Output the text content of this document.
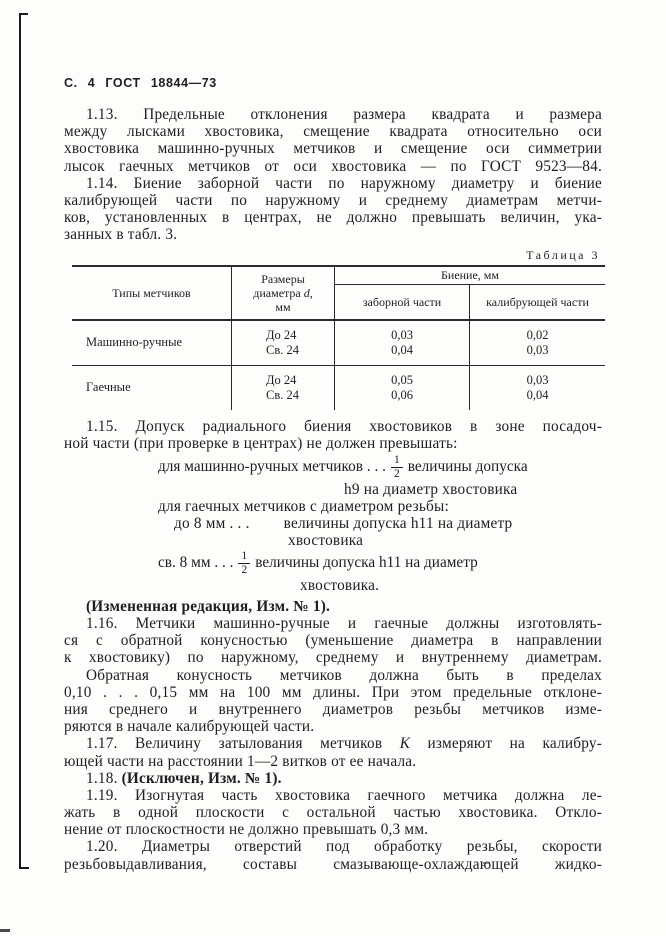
С. 4 ГОСТ 18844—73
1.13. Предельные отклонения размера квадрата и размера
между лысками хвостовика, смещение квадрата относительно оси
хвостовика машинно-ручных метчиков и смещение оси симметрии
лысок гаечных метчиков от оси хвостовика — по ГОСТ 9523—84.
1.14. Биение заборной части по наружному диаметру и биение
калибрующей части по наружному и среднему диаметрам метчи-
ков, установленных в центрах, не должно превышать величин, ука-
занных в табл. 3.
Таблица 3
Типы метчиков
Размеры
диаметра d,
мм
Биение, мм
заборной части	калибрующей части
Машинно-ручные
До 24
Св. 24
0,03
0,04
0,02
0,03
Гаечные
До 24
Св. 24
0,05
0,06
0,03
0,04
1.15. Допуск радиального биения хвостовиков в зоне посадоч-
ной части (при проверке в центрах) не должен превышать:
для машинно-ручных метчиков . . . $\frac{1}{2}$ величины допуска
h9 на диаметр хвостовика
для гаечных метчиков с диаметром резьбы:
до 8 мм . . . величины допуска h11 на диаметр
хвостовика
св. 8 мм . . . $\frac{1}{2}$ величины допуска h11 на диаметр
хвостовика.
(Измененная редакция, Изм. № 1).
1.16. Метчики машинно-ручные и гаечные должны изготовлять-
ся с обратной конусностью (уменьшение диаметра в направлении
к хвостовику) по наружному, среднему и внутреннему диаметрам.
Обратная конусность метчиков должна быть в пределах
0,10 . . . 0,15 мм на 100 мм длины. При этом предельные отклоне-
ния среднего и внутреннего диаметров резьбы метчиков изме-
ряются в начале калибрующей части.
1.17. Величину затылования метчиков К измеряют на калибру-
ющей части на расстоянии 1—2 витков от ее начала.
1.18. (Исключен, Изм. № 1).
1.19. Изогнутая часть хвостовика гаечного метчика должна ле-
жать в одной плоскости с остальной частью хвостовика. Откло-
нение от плоскостности не должно превышать 0,3 мм.
1.20. Диаметры отверстий под обработку резьбы, скорости
резьбовыдавливания, составы смазывающе-охлаждающей жидко-
